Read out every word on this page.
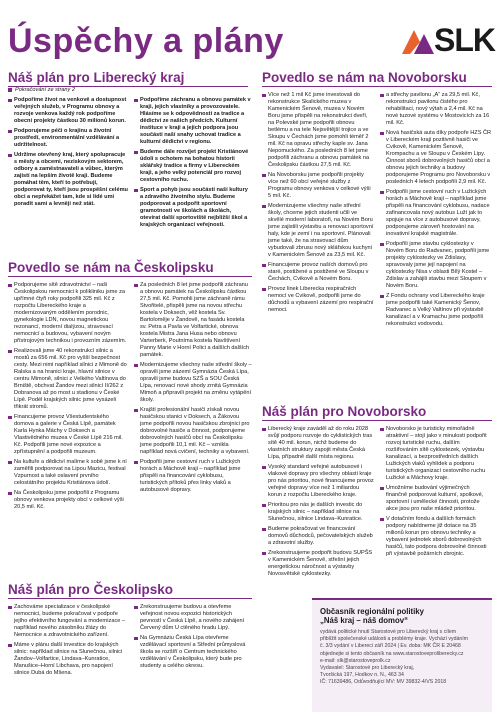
Úspěchy a plány	SLK
Náš plán pro Liberecký kraj
Pokračování ze strany 2
Podpoříme život na venkově a dostupnost veřejných služeb, v Programu obnovy a rozvoje venkova každý rok podpoříme obecní projekty částkou 30 milionů korun.
Podporujeme péči o krajinu a životní prostředí, environmentální vzdělávání a udržitelnost.
Udržíme otevřený kraj, který spolupracuje s městy a obcemi, neziskovým sektorem, odbory a zaměstnavateli a vůbec, kterým zajistí na lepším životě kraji. Budeme pomáhat těm, kteří to potřebují, podporovat ty, kteří jsou prospěšní celému obci a nepřekážet tam, kde si lidé umí poradit sami a levněji než stát.
Podpoříme záchranu a obnovu památek v kraji, jejich vlastníky a provozovatele. Hlásíme se k odpovědnosti za tradice a dědictví ze našich předcích. Kulturní instituce v kraji a jejich podpora jsou součástí naší snahy uchovat tradice a kulturní dědictví v regionu.
Budeme dále rozvíjet projekt Kristiánové údolí s ochotem na bohatou historii sklářský tradice a firmy v Libereckém kraji, a jeho velký potenciál pro rozvoj cestovního ruchu.
Sport a pohyb jsou součástí naší kultury a zdravého životního stylu. Budeme podporovat a podpořit sportovní gramotnosti ve školách a školách, otevírat další sportoviště nejbližší škol a krajských organizací veřejnosti.
Povedlo se nám na Novoborsku
Více než 1 mil Kč jsme investovali do rekonstrukce Skalického muzea v Kamenickém Šenově, muzea v Novém Boru jsme přispěli na rekonstrukci dveří, na Polevské jsme podpořili obnovu betlému a na tele Nejsvětější trojice a ve Sloupu v Čechách jsme pomohli téměř 2 mil. Kč na opravu střechy kaple sv. Jana Nepomuckého. Za posledních 8 let jsme podpořili záchranu a obnovu památek na Českolipsku částkou 27,5 mil. Kč.
Na Novoborsku jsme podpořili projekty více než 60 obcí veřejné služby z Programu obnovy venkova v celkové výši 5 mil. Kč.
Modernizujeme všechny naše střední školy, chceme jejich studenti učili ve skvělé moderní laboratoři, na Novém Boru jsme zajistili výstavbu a renovaci sportovní haly, kde je zemí i na sportovní. Plánovali jsme také, že na stravovací dům vybudovali zbrusu nový sklářskou kuchyni v Kamenickém Šenově za 23,5 mil. Kč.
Financujeme provoz naších domovů pro staré, postižené a postižené ve Sloupu v Čechách, Cvikově a Novém Boru.
Provoz linek Liberecka respiračních nemocí ve Cvikově, podpořili jsme do důchodů a vybavení zázemí pro respirační nemoci.
a střechy pavilonu „A“ za 29,5 mil. Kč, rekonstrukci pavilonu čistého pro rehabilitaci, nový výtah a 2,4 mil. Kč na nové tuzové systému v Mostovicích za 16 mil. Kč.
Nová hasičská auta díky podpoře HZS ČR v Libereckém kraji pozitivně hasiči ve Cvikově, Kamenickém Šenově, Krompachu a ve Sloupu v Českém Lipy. Činnost sborů dobrovolných hasičů obcí a obnovu jejich techniky a budovy podporujeme Programu pro Novoborsku v posledních 4 letech podpořili 2,9 mil. Kč.
Podpořili jsme cestovní ruch v Lužických horách a Máchově kraji – například jsme přispěli na financování cyklobusu, nadace zafinancovala nový autobus Luží jak to spojuje na více z autobusové dopravy, podporujeme zároveň hostování na inovativní krajské magistrále.
Podpořili jsme stavbu cyklostezky v Novém Boru do Radvanec, podpořili jsme projekty cyklostezky ve Zdislavy, spravovaly jsme její napojení na cyklostezky Nisa v oblasti Bílý Kostel – Zdislav a zahájili stavbu mezi Sloupem v Novém Boru.
Z Fondu ochrany vod Libereckého kraje jsme podpořili také Kamenický Šenov, Radvanec a Velký Valtínov při výstavbě kanalizací a v Kramachu jsme podpořili rekonstrukci vodovodu.
Povedlo se nám na Českolipsku
Podporujeme sítě zdravotnictví – naši Českolipskou nemocnici k polikliniku jsme za upřímné čtyři roky podpořili 325 mil. Kč z rozpočtu Libereckého kraje a modernizovaným oddělením porodnic, gynekologie LDN, novou magnetickou rezonancí, moderní dialýzou, stravovací nemocnicí a budovou, vybavení novým přístrojovým technikou i provozním zázemím.
Realizovali jsme 40 rekonstrukcí silnic a mostů za 656 mil. Kč pro vyšší bezpečnost cesty. Mezi nimi například silnici z Mimoně do Ralska a na hranici kraje, hlavní silnice v centru Mimoně, silnici z Velkého Valtínova do Brniště, obchvat Žandov mezi silnicí II/262 z Dobranova až po most u stadionu v České Lípě. Podél krajských silnic jsme vysázeli třikrát stromů.
Financujeme provoz Všestudentského domova a galerie v Česká Lípě, památek Karla Hynka Máchy v Doksech a Vlastivědného muzea v České Lípě 216 mil. Kč. Podpořili jsme nové expozice a zpřístupnění a podpořili muzeum.
Na kultuře a dědictví malíme k sobě jsme k ní zaměřili podporovat na Lipou Mazicu, festival Vzpurnost a také oslavení prvního celostátního projektu Kristiánova údolí.
Na Českolipsku jsme podpořili z Programu obnovy venkova projekty obcí v celkové výši 20,5 mil. Kč.
Za posledních 8 let jsme podpořili záchranu a obnovu památek na Českolipsku částkou 27,5 mil. Kč. Pomohli jsme záchraně rámu Stvořitelé, přispěli jsme na novou střechu kostela v Doksech, věž kostela Sv. Bartoloměje v Žandově, na fasádu kostela sv. Petra a Pavla ve Volfartické, obnova kostela Mistra Jana Husa nebo obnovu Varterberk, Poutníma kostela Navštívení Panny Marie v Horní Polici a dalších dalších památek.
Modernizujeme všechny naše střední školy – opravili jsme zázemí Gymnázia Česká Lípa, opravili jsme budovu SZŠ a SOU Česká Lípa, renovací nové shody zrnitá Gymnázia Mimoň a připravili projekt na změnu vytápění školy.
Krajští profesionální hasiči získali novou hasičskou stanici v Doksech, a Žákovou jsme podpořili novou hasičskou zbrojnici pro dobrovolné hasiče a činnost, podporujeme dobrovolných hasičů obcí na Českolipsku jsme podpořili 10,1 mil. Kč – vznikla například nová cvičení, techniky a vybavení.
Podpořili jsme cestovní ruch v Lužických horách a Máchově kraji – například jsme přispěli na financování cyklobusu, turistických přítoků přes linky vlaků a autobusové dopravy.
Náš plán pro Novoborsko
Liberecký kraje zaváděl až do roku 2028 svůjí podporu rozvoje do cyklistických tras sítě 40 mil. korun, nichž budeme do vlastních struktury zapojit města Česká Lípa, případně další místa regionu.
Vysoký standard veřejné autobusové i vlakové dopravy pro všechny oblasti kraje pro nás prioritou, nové financujeme provoz veřejné dopravy více než 1 miliardou korun z rozpočtu Libereckého kraje.
Prioritou pro nás je dalších investic do krajských silnic – například silnice na Slunečnou, silnice Lindava–Kunratice.
Budeme pokračovat ve financování domovů důchodců, pečovatelských služeb a zdravotní služby.
Zrekonstruujeme podpořit budovu SUPŠS v Kamenickém Šenově, střešní jejich energetickou náročnost a výstavby Novosvětské cyklostezky.
Novoborsko je turisticky mimořádně atraktivní – stojí jako v minulosti podpořit rozvoj turistické ruchu, dalším rozšiřováním sítě cyklostezek, výstavbu kanalizací, a bezprostředních dalších Lužických vlaků vyhlídek a podporu turistických organizací cestovního ruchu Lužické a Máchovy kraje.
Umožníme budování výjimečných finančně podporovat kulturní, spolkové, sportovní i umělecké činnosti, protože akce jsou pro naše mládež prioritou.
V dotačním fondu a dalších formách podpory nabídneme již dotace na 35 milionů korun pro obnovu techniky a vybavení jednotek sborů dobrovolných hasičů, tato podpora dobrovolné činnosti při výstavbě požárních zbrojnic.
Náš plán pro Českolipsko
Zachováme specializace v českolipské nemocnici, budeme pokračovat v podpoře jejího efektivního fungování a modernizace – například nového zásobníku žlázy do Nemocnice a zdravotnického zařízení.
Máme v plánu další investice do krajských silnic: například silnice na Slunečnou, silnici Žandov–Volfartice, Lindava–Kunratice, Manušice–Horní Libchava, pro napojení silnice Dubá do Mšena.
Zrekonstruujeme budovu a otevřeme veřejnost novou expozici historických pevností v Česká Lípě, a nového zahájení Červený dům U ctěného hradu Lipý.
Na Gymnáziu Česká Lípa otevřeme vzdělávací sportovní a Střední průmyslová škola se rozšíří o Centrum technického vzdělávání v Českolipsku, který bude pro studenty a celého okresu.
Občasník regionální politiky
„Náš kraj – náš domov“
vydává politické hnutí Starostové pro Liberecký kraj s cílem
přiblížit společenské události a problémy kraje. Vychází vydáním
č. 3/3 vydání v Libereci září 2024 | Ev. doba: MK ČR E 20468
objednejte si tento občasník na www.starostoveproliberecky.cz
e-mail: slk@starostoveprolk.cz
Vydavatel: Starostové pro Liberecký kraj,
Tvoršická 197, Hodkov n. N., 463 34
IČ: 71639486, Odůvodňující MV: MV 39832-4/VS 2018
